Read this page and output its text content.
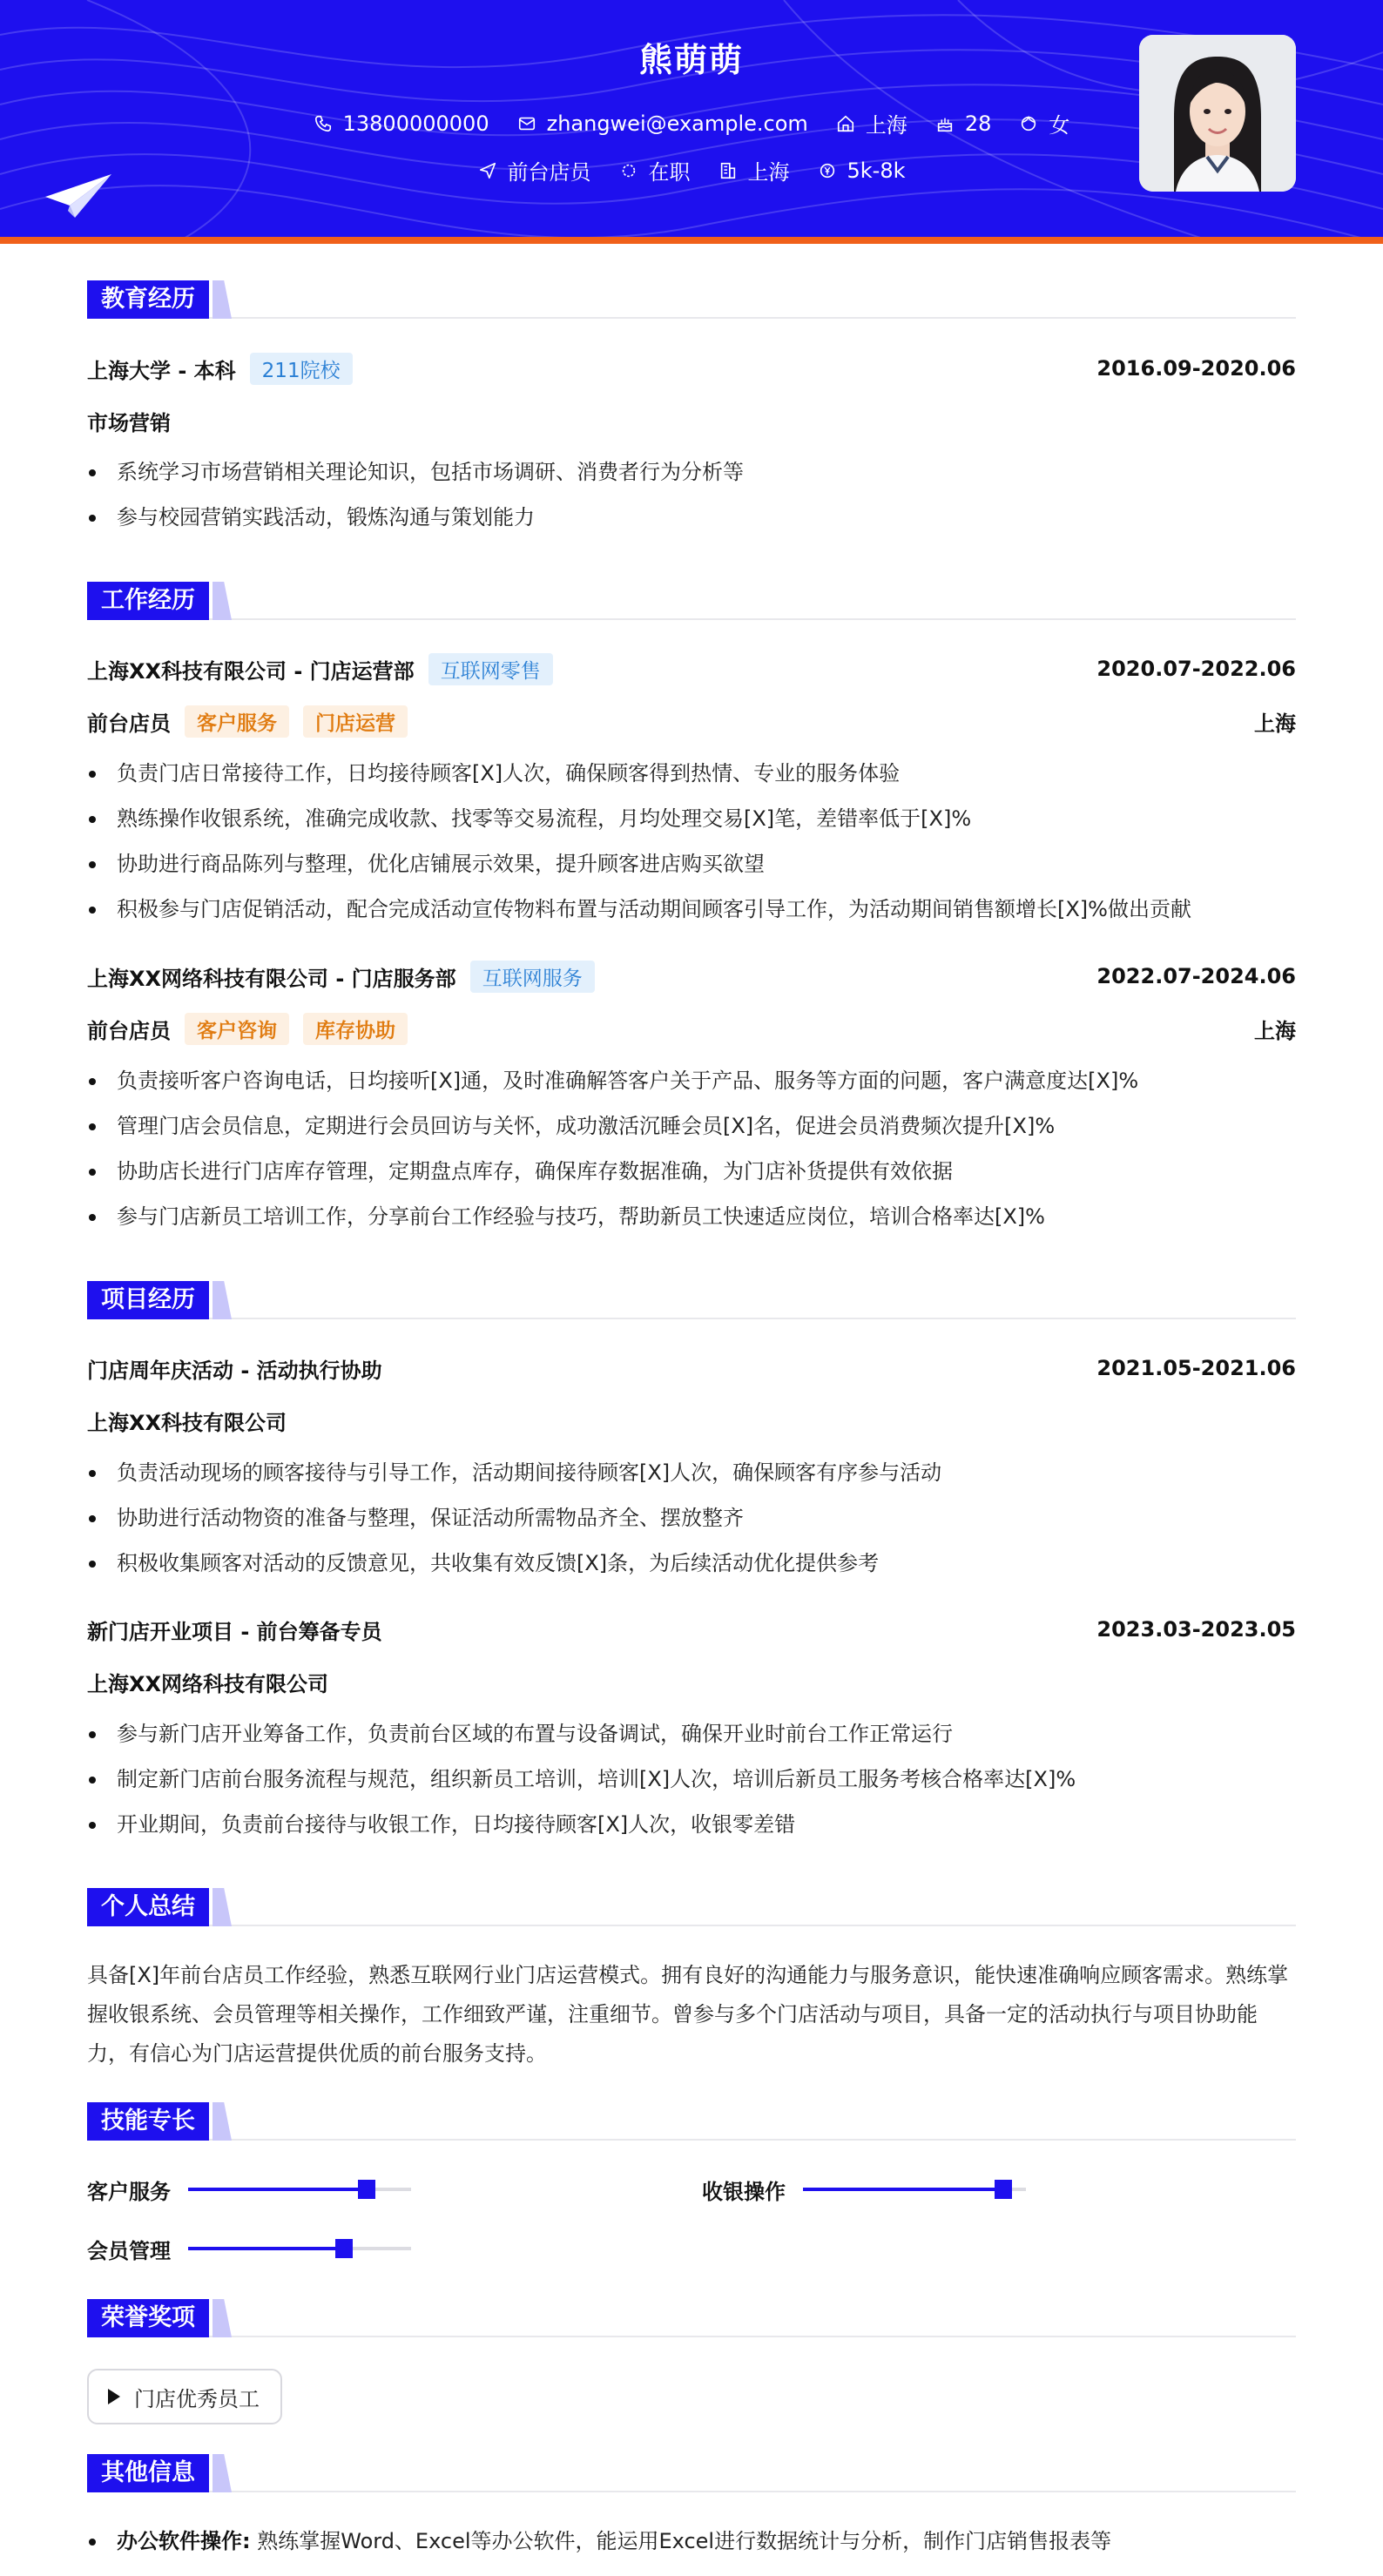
熊萌萌
13800000000	zhangwei@example.com	上海	28	女
前台店员	在职	上海	5k-8k
教育经历
上海大学 - 本科	211院校	2016.09-2020.06
市场营销
系统学习市场营销相关理论知识，包括市场调研、消费者行为分析等
参与校园营销实践活动，锻炼沟通与策划能力
工作经历
上海XX科技有限公司 - 门店运营部	互联网零售	2020.07-2022.06
前台店员	客户服务	门店运营	上海
负责门店日常接待工作，日均接待顾客[X]人次，确保顾客得到热情、专业的服务体验
熟练操作收银系统，准确完成收款、找零等交易流程，月均处理交易[X]笔，差错率低于[X]%
协助进行商品陈列与整理，优化店铺展示效果，提升顾客进店购买欲望
积极参与门店促销活动，配合完成活动宣传物料布置与活动期间顾客引导工作，为活动期间销售额增长[X]%做出贡献
上海XX网络科技有限公司 - 门店服务部	互联网服务	2022.07-2024.06
前台店员	客户咨询	库存协助	上海
负责接听客户咨询电话，日均接听[X]通，及时准确解答客户关于产品、服务等方面的问题，客户满意度达[X]%
管理门店会员信息，定期进行会员回访与关怀，成功激活沉睡会员[X]名，促进会员消费频次提升[X]%
协助店长进行门店库存管理，定期盘点库存，确保库存数据准确，为门店补货提供有效依据
参与门店新员工培训工作，分享前台工作经验与技巧，帮助新员工快速适应岗位，培训合格率达[X]%
项目经历
门店周年庆活动 - 活动执行协助	2021.05-2021.06
上海XX科技有限公司
负责活动现场的顾客接待与引导工作，活动期间接待顾客[X]人次，确保顾客有序参与活动
协助进行活动物资的准备与整理，保证活动所需物品齐全、摆放整齐
积极收集顾客对活动的反馈意见，共收集有效反馈[X]条，为后续活动优化提供参考
新门店开业项目 - 前台筹备专员	2023.03-2023.05
上海XX网络科技有限公司
参与新门店开业筹备工作，负责前台区域的布置与设备调试，确保开业时前台工作正常运行
制定新门店前台服务流程与规范，组织新员工培训，培训[X]人次，培训后新员工服务考核合格率达[X]%
开业期间，负责前台接待与收银工作，日均接待顾客[X]人次，收银零差错
个人总结
具备[X]年前台店员工作经验，熟悉互联网行业门店运营模式。拥有良好的沟通能力与服务意识，能快速准确响应顾客需求。熟练掌握收银系统、会员管理等相关操作，工作细致严谨，注重细节。曾参与多个门店活动与项目，具备一定的活动执行与项目协助能力，有信心为门店运营提供优质的前台服务支持。
技能专长
客户服务	收银操作
会员管理
荣誉奖项
门店优秀员工
其他信息
办公软件操作: 熟练掌握Word、Excel等办公软件，能运用Excel进行数据统计与分析，制作门店销售报表等
